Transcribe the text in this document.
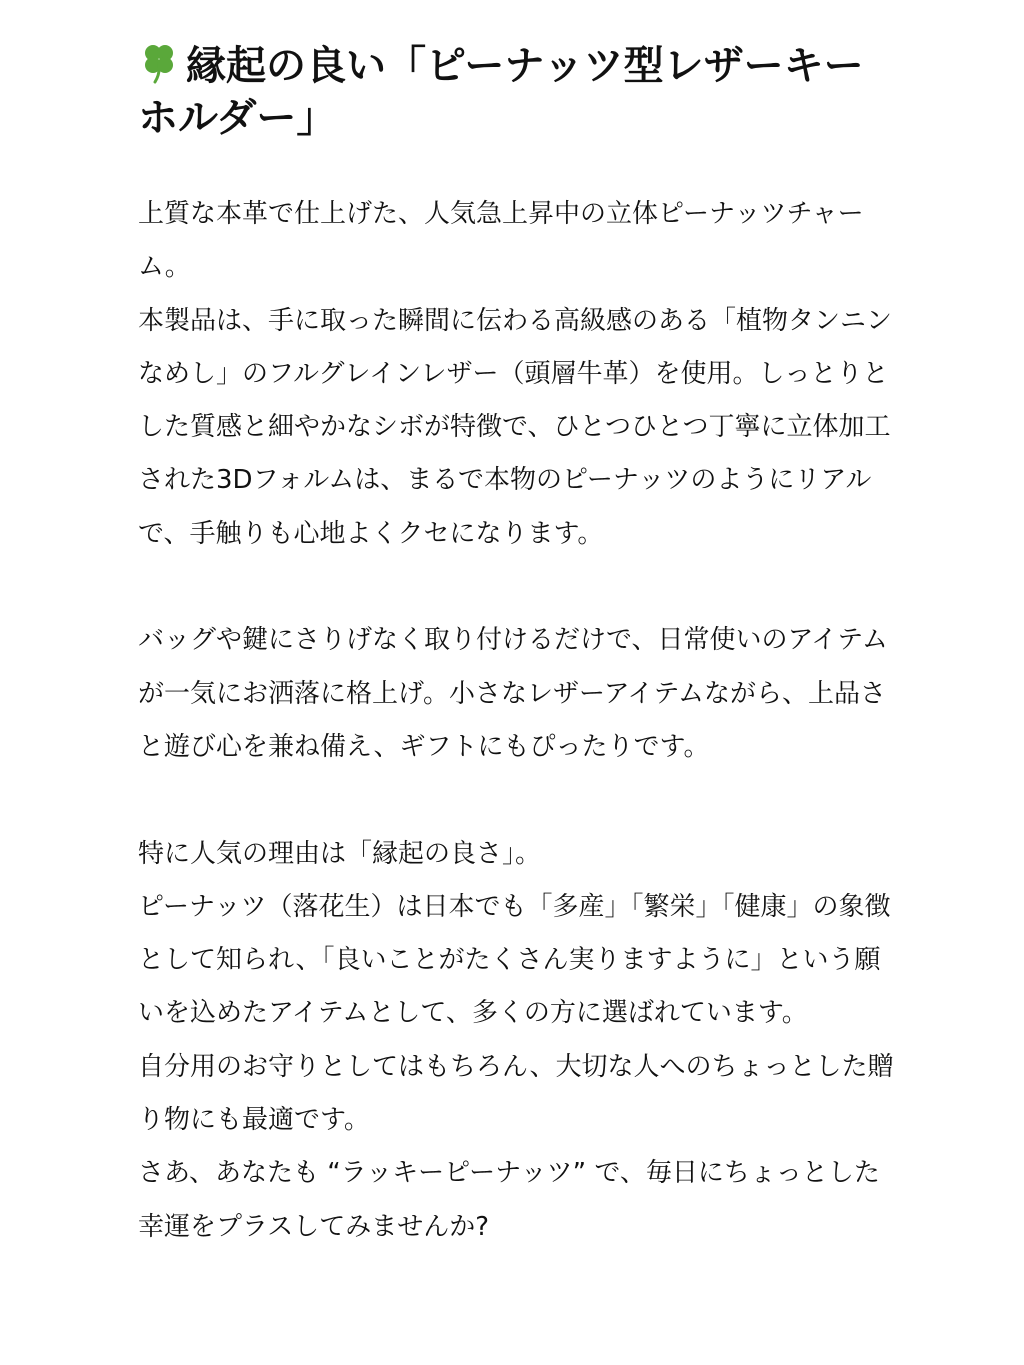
縁起の良い「ピーナッツ型レザーキーホルダー」

上質な本革で仕上げた、人気急上昇中の立体ピーナッツチャーム。

本製品は、手に取った瞬間に伝わる高級感のある「植物タンニンなめし」のフルグレインレザー（頭層牛革）を使用。しっとりとした質感と細やかなシボが特徴で、ひとつひとつ丁寧に立体加工された3Dフォルムは、まるで本物のピーナッツのようにリアルで、手触りも心地よくクセになります。

バッグや鍵にさりげなく取り付けるだけで、日常使いのアイテムが一気にお洒落に格上げ。小さなレザーアイテムながら、上品さと遊び心を兼ね備え、ギフトにもぴったりです。

特に人気の理由は「縁起の良さ」。

ピーナッツ（落花生）は日本でも「多産」「繁栄」「健康」の象徴として知られ、「良いことがたくさん実りますように」という願いを込めたアイテムとして、多くの方に選ばれています。

自分用のお守りとしてはもちろん、大切な人へのちょっとした贈り物にも最適です。

さあ、あなたも “ラッキーピーナッツ” で、毎日にちょっとした幸運をプラスしてみませんか?
